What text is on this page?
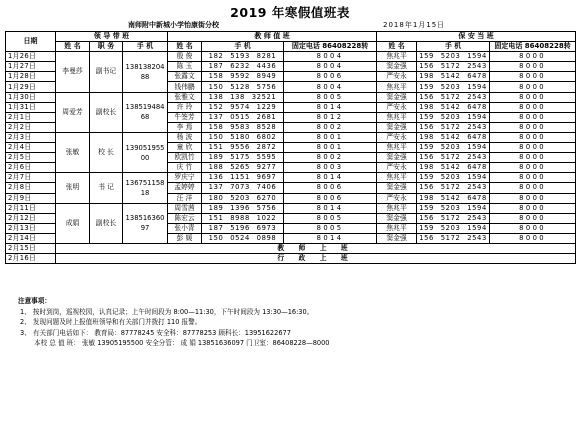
2019 年寒假值班表
南师附中新城小学怡康街分校	2018年1月15日
日期	领 导 带 班			教 师 值 班			保 安 当 班		
	姓 名	职 务	手 机	姓 名	手 机	固定电话 86408228转	姓 名	手 机	固定电话 86408228转
1月26日	李曼莎	副书记	13813820488	殷 俊	182 5193 8281	8004	焦兆平	159 5203 1594	8000
1月27日				陈 玉	187 6232 4436	8004	窦金强	156 5172 2543	8000
1月28日				张露文	158 9592 8949	8006	严安永	198 5142 6478	8000
1月29日				钱伟鹏	150 5128 5756	8004	焦兆平	159 5203 1594	8000
1月30日	周爱芳	副校长	13851948468	张雅文	138 138 32521	8005	窦金强	156 5172 2543	8000
1月31日				许 玲	152 9574 1229	8014	严安永	198 5142 6478	8000
2月1日				牛签芳	137 0515 2681	8012	焦兆平	159 5203 1594	8000
2月2日				李 焉	158 9583 8528	8002	窦金强	156 5172 2543	8000
2月3日	张敏	校 长	13905195500	杨 波	150 5180 6802	8001	严安永	198 5142 6478	8000
2月4日				童 欣	151 9556 2872	8001	焦兆平	159 5203 1594	8000
2月5日				欧凯竹	189 5175 5595	8002	窦金强	156 5172 2543	8000
2月6日				庆 竹	188 5265 9277	8003	严安永	198 5142 6478	8000
2月7日	张明	书 记	13675115818	罗庆宁	136 1151 9697	8014	焦兆平	159 5203 1594	8000
2月8日				孟婷婷	137 7073 7406	8006	窦金强	156 5172 2543	8000
2月9日				汪 洋	180 5203 6270	8006	严安永	198 5142 6478	8000
2月11日	成娟	副校长	13851636097	周雪茜	189 1396 5756	8014	焦兆平	159 5203 1594	8000
2月12日				陈宏云	151 8988 1022	8005	窦金强	156 5172 2543	8000
2月13日				张小青	187 5196 6973	8005	焦兆平	159 5203 1594	8000
2月14日				彭 媛	150 0524 0898	8014	窦金强	156 5172 2543	8000
2月15日	教 师 上 班								
2月16日	行 政 上 班								
注意事项：
1、 按时到岗，巡视校园，认真记录；上午时间段为 8:00—11:30，下午时间段为 13:30—16:30。
2、 发现问题及时上报值班领导和有关部门并拨打 110 报警。
3、 有关部门电话如下： 教育局：87778245 安全科：87778253 顾科长：13951622677
本校 总 值 班： 张敏 13905195500 安全分管： 成 娟 13851636097 门卫室：86408228—8000
